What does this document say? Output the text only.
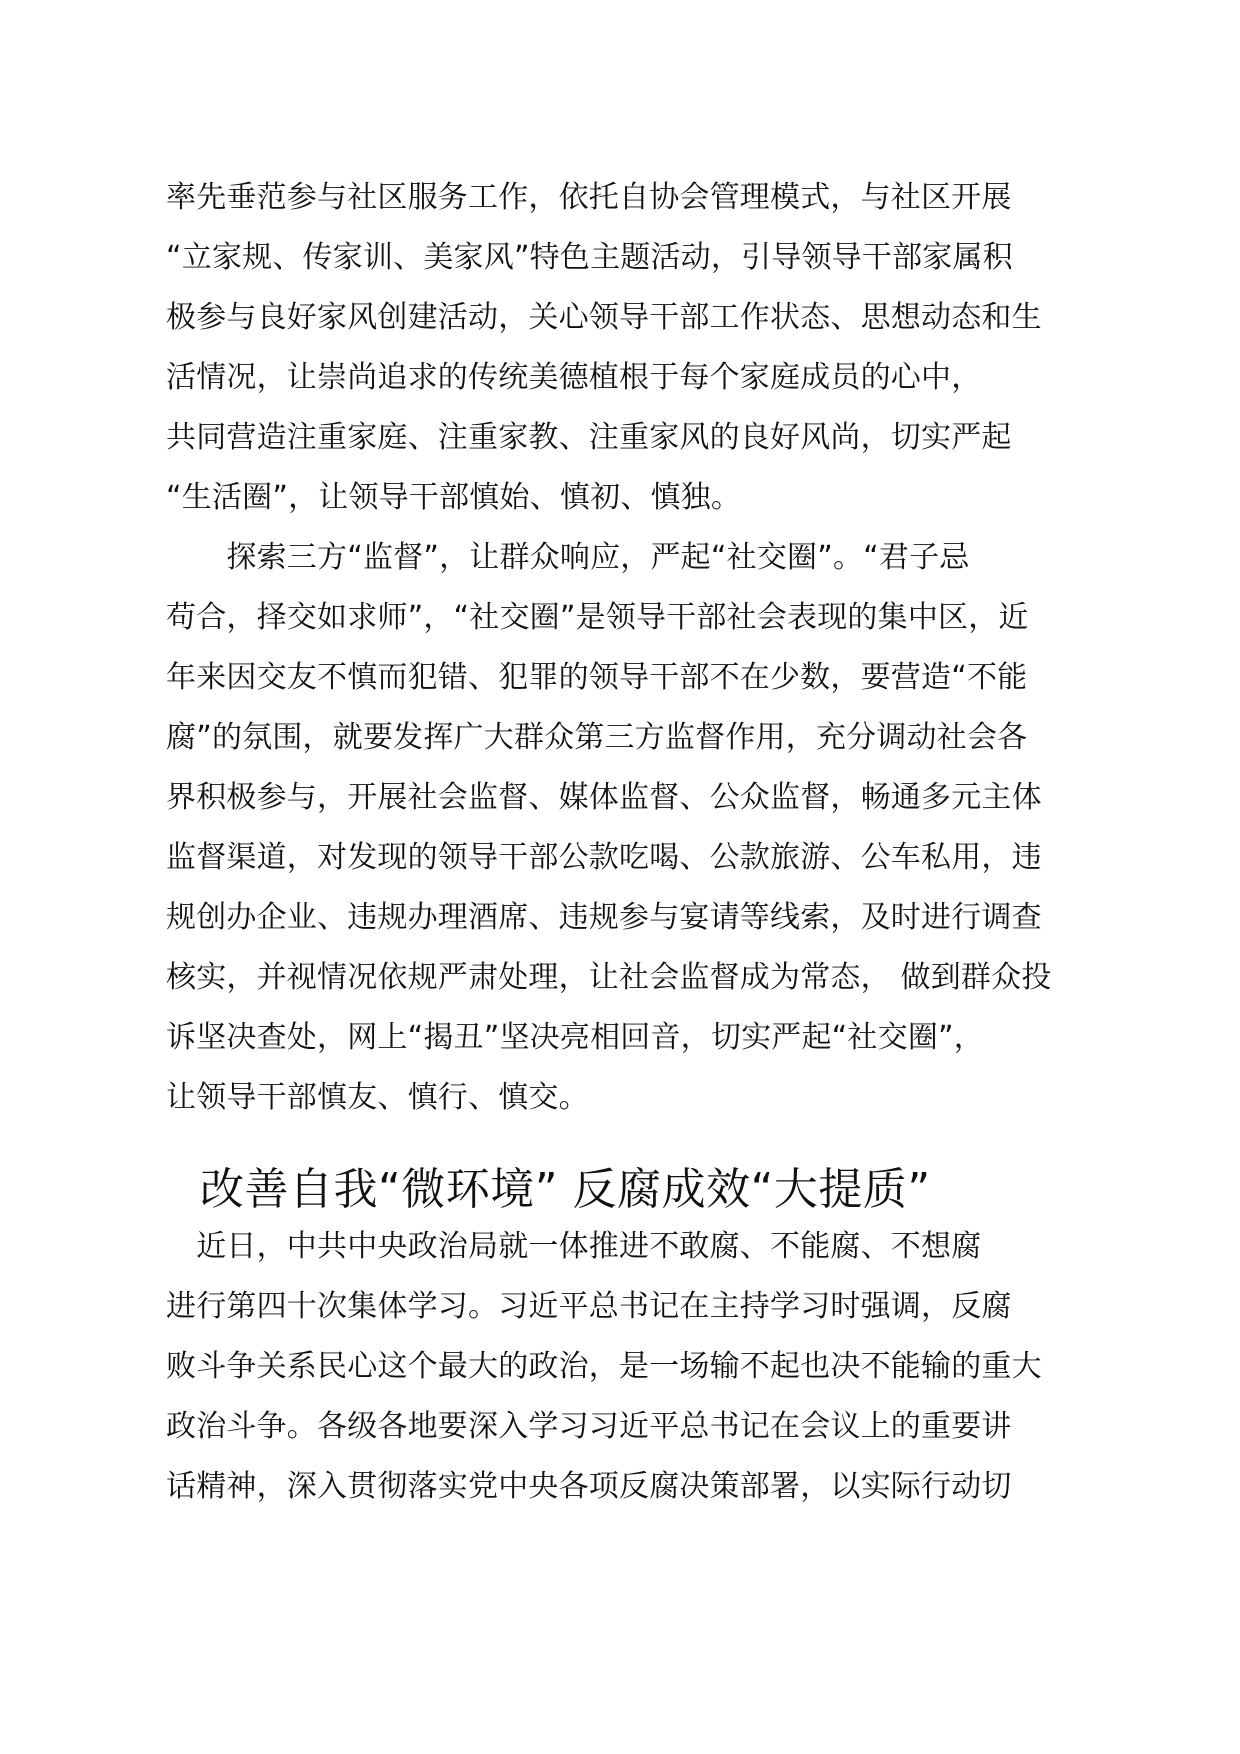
率先垂范参与社区服务工作，依托自协会管理模式，与社区开展
“立家规、传家训、美家风”特色主题活动，引导领导干部家属积
极参与良好家风创建活动，关心领导干部工作状态、思想动态和生
活情况，让崇尚追求的传统美德植根于每个家庭成员的心中，
共同营造注重家庭、注重家教、注重家风的良好风尚，切实严起
“生活圈”，让领导干部慎始、慎初、慎独。
　　探索三方“监督”，让群众响应，严起“社交圈”。“君子忌
苟合，择交如求师”，“社交圈”是领导干部社会表现的集中区，近
年来因交友不慎而犯错、犯罪的领导干部不在少数，要营造“不能
腐”的氛围，就要发挥广大群众第三方监督作用，充分调动社会各
界积极参与，开展社会监督、媒体监督、公众监督，畅通多元主体
监督渠道，对发现的领导干部公款吃喝、公款旅游、公车私用，违
规创办企业、违规办理酒席、违规参与宴请等线索，及时进行调查
核实，并视情况依规严肃处理，让社会监督成为常态， 做到群众投
诉坚决查处，网上“揭丑”坚决亮相回音，切实严起“社交圈”，
让领导干部慎友、慎行、慎交。
改善自我“微环境” 反腐成效“大提质”
　近日，中共中央政治局就一体推进不敢腐、不能腐、不想腐
进行第四十次集体学习。习近平总书记在主持学习时强调，反腐
败斗争关系民心这个最大的政治，是一场输不起也决不能输的重大
政治斗争。各级各地要深入学习习近平总书记在会议上的重要讲
话精神，深入贯彻落实党中央各项反腐决策部署，以实际行动切
